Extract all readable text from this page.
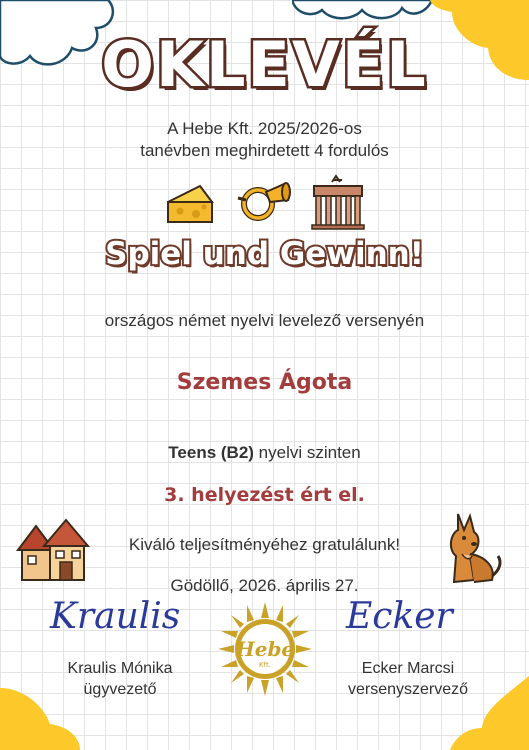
OKLEVÉL
A Hebe Kft. 2025/2026-os
tanévben meghirdetett 4 fordulós
Spiel und Gewinn!
országos német nyelvi levelező versenyén
Szemes Ágota
Teens (B2) nyelvi szinten
3. helyezést ért el.
Kiváló teljesítményéhez gratulálunk!
Gödöllő, 2026. április 27.
Kraulis	Ecker
Hebe
Kft.
Kraulis Mónika
ügyvezető
Ecker Marcsi
versenyszervező
